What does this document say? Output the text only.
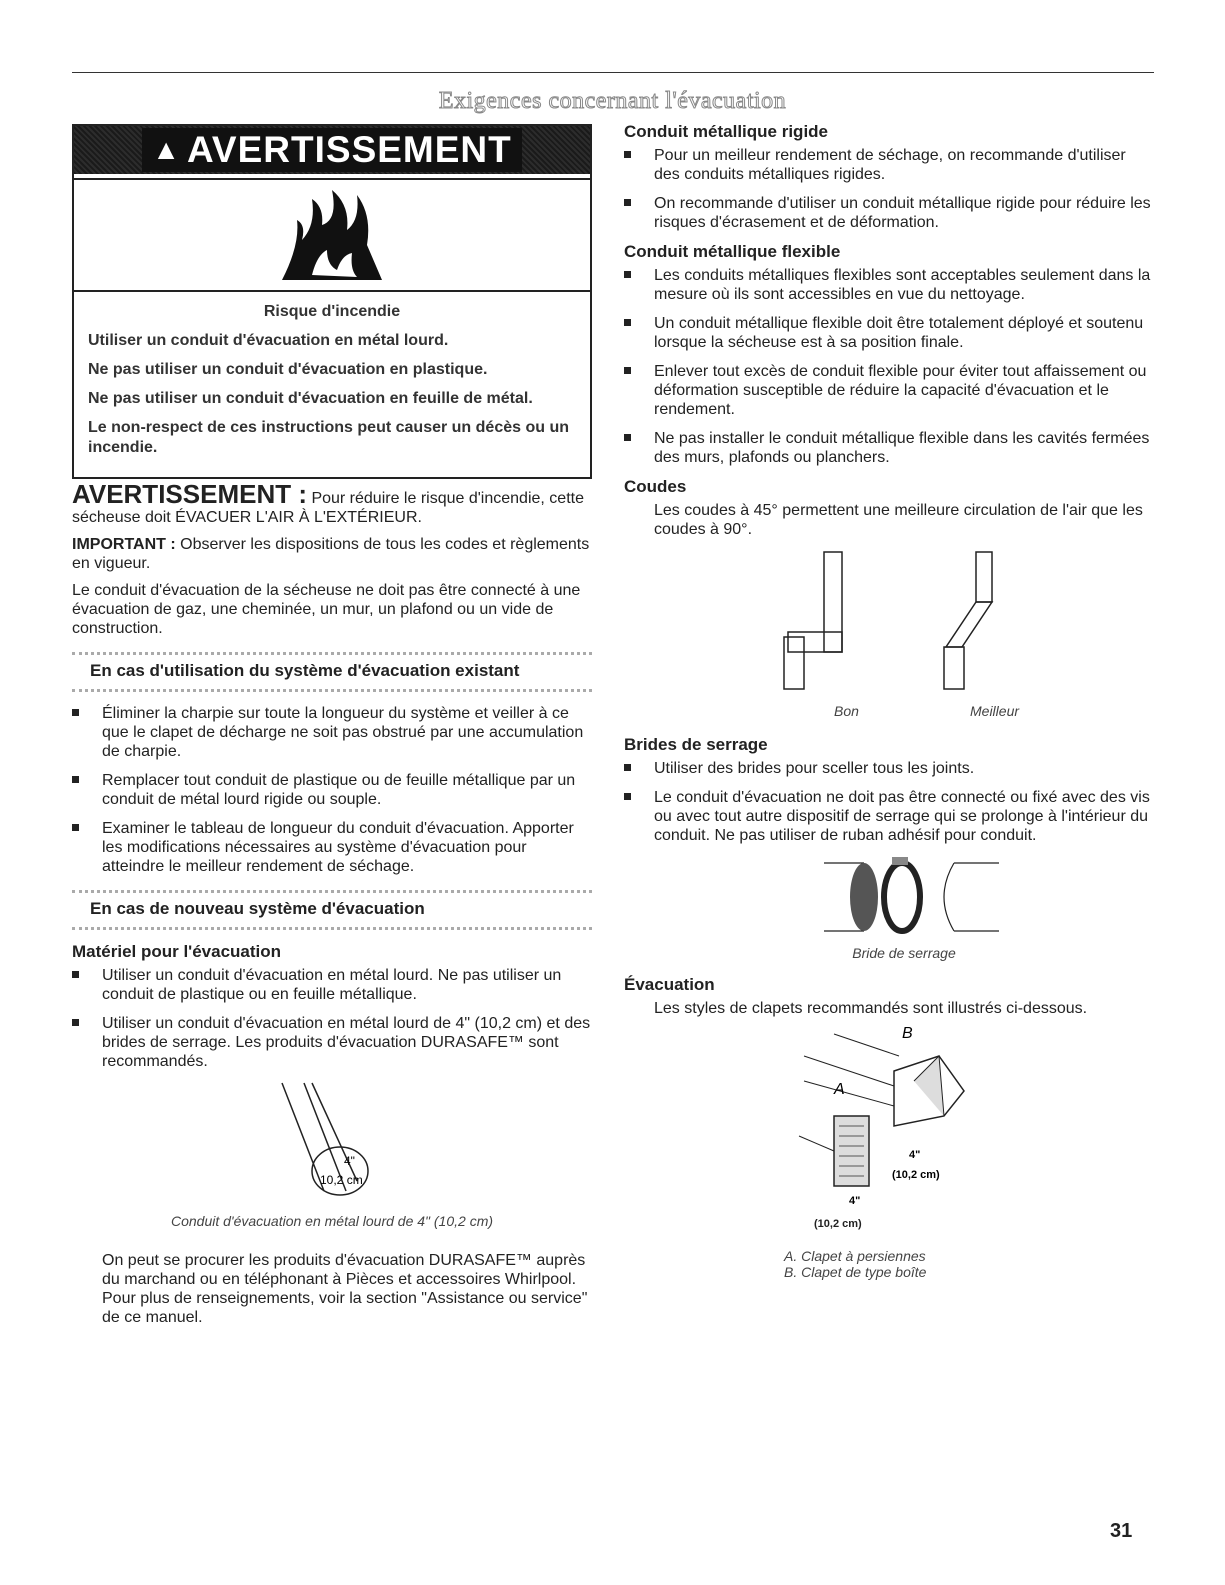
Exigences concernant l'évacuation
▲ AVERTISSEMENT

Risque d'incendie

Utiliser un conduit d'évacuation en métal lourd.

Ne pas utiliser un conduit d'évacuation en plastique.

Ne pas utiliser un conduit d'évacuation en feuille de métal.

Le non-respect de ces instructions peut causer un décès ou un incendie.

AVERTISSEMENT : Pour réduire le risque d'incendie, cette sécheuse doit ÉVACUER L'AIR À L'EXTÉRIEUR.

IMPORTANT : Observer les dispositions de tous les codes et règlements en vigueur.

Le conduit d'évacuation de la sécheuse ne doit pas être connecté à une évacuation de gaz, une cheminée, un mur, un plafond ou un vide de construction.

En cas d'utilisation du système d'évacuation existant
Éliminer la charpie sur toute la longueur du système et veiller à ce que le clapet de décharge ne soit pas obstrué par une accumulation de charpie.
Remplacer tout conduit de plastique ou de feuille métallique par un conduit de métal lourd rigide ou souple.
Examiner le tableau de longueur du conduit d'évacuation. Apporter les modifications nécessaires au système d'évacuation pour atteindre le meilleur rendement de séchage.
En cas de nouveau système d'évacuation
Matériel pour l'évacuation
Utiliser un conduit d'évacuation en métal lourd. Ne pas utiliser un conduit de plastique ou en feuille métallique.
Utiliser un conduit d'évacuation en métal lourd de 4" (10,2 cm) et des brides de serrage. Les produits d'évacuation DURASAFE™ sont recommandés.
4"
10,2 cm
Conduit d'évacuation en métal lourd de 4" (10,2 cm)

On peut se procurer les produits d'évacuation DURASAFE™ auprès du marchand ou en téléphonant à Pièces et accessoires Whirlpool. Pour plus de renseignements, voir la section "Assistance ou service" de ce manuel.

Conduit métallique rigide
Pour un meilleur rendement de séchage, on recommande d'utiliser des conduits métalliques rigides.
On recommande d'utiliser un conduit métallique rigide pour réduire les risques d'écrasement et de déformation.
Conduit métallique flexible
Les conduits métalliques flexibles sont acceptables seulement dans la mesure où ils sont accessibles en vue du nettoyage.
Un conduit métallique flexible doit être totalement déployé et soutenu lorsque la sécheuse est à sa position finale.
Enlever tout excès de conduit flexible pour éviter tout affaissement ou déformation susceptible de réduire la capacité d'évacuation et le rendement.
Ne pas installer le conduit métallique flexible dans les cavités fermées des murs, plafonds ou planchers.
Coudes

Les coudes à 45° permettent une meilleure circulation de l'air que les coudes à 90°.

Bon	Meilleur
Brides de serrage
Utiliser des brides pour sceller tous les joints.
Le conduit d'évacuation ne doit pas être connecté ou fixé avec des vis ou avec tout autre dispositif de serrage qui se prolonge à l'intérieur du conduit. Ne pas utiliser de ruban adhésif pour conduit.
Bride de serrage
Évacuation

Les styles de clapets recommandés sont illustrés ci-dessous.

B
A
4"
(10,2 cm)
4"
(10,2 cm)
A. Clapet à persiennes
B. Clapet de type boîte
31
